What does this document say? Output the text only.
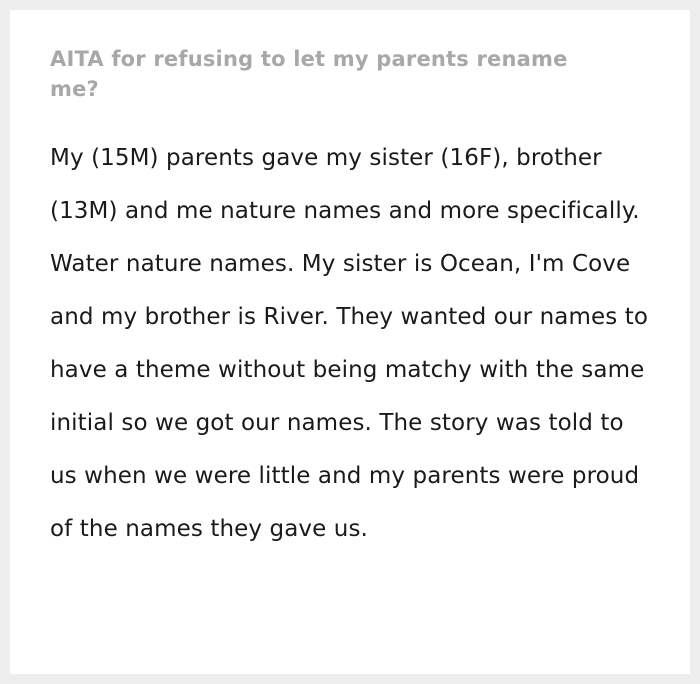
AITA for refusing to let my parents rename me?

My (15M) parents gave my sister (16F), brother (13M) and me nature names and more specifically. Water nature names. My sister is Ocean, I'm Cove and my brother is River. They wanted our names to have a theme without being matchy with the same initial so we got our names. The story was told to us when we were little and my parents were proud of the names they gave us.
